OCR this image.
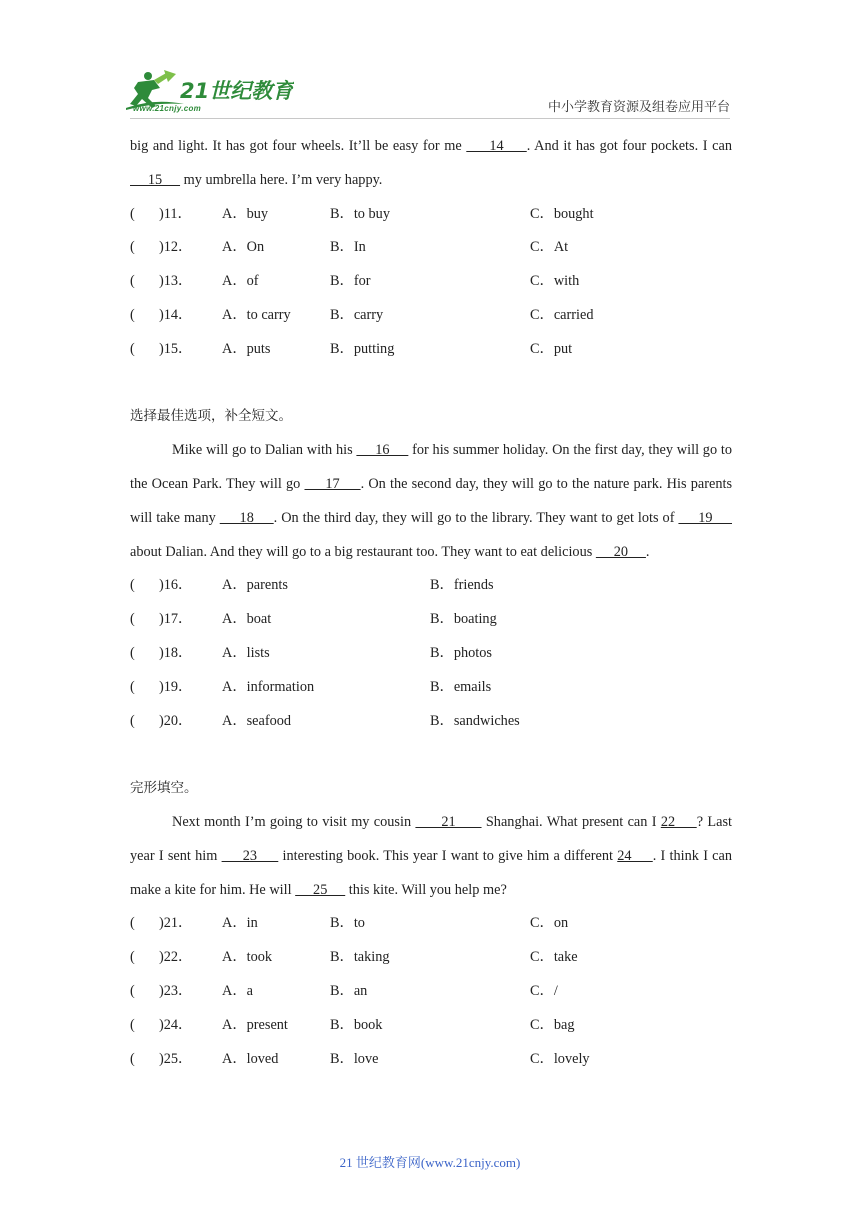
21世纪教育
www.21cnjy.com	中小学教育资源及组卷应用平台

big and light. It has got four wheels. It’ll be easy for me      14     . And it has got four pockets. I can      15      my umbrella here. I’m very happy.

( )11． A．buy	B．to buy	C．bought
( )12． A．On	B．In	C．At
( )13． A．of	B．for	C．with
( )14． A．to carry	B．carry	C．carried
( )15． A．puts	B．putting	C．put

选择最佳选项，补全短文。

Mike will go to Dalian with his      16      for his summer holiday. On the first day, they will go to the Ocean Park. They will go      17     . On the second day, they will go to the nature park. His parents will take many      18     . On the third day, they will go to the library. They want to get lots of      19      about Dalian. And they will go to a big restaurant too. They want to eat delicious      20     .

( )16． A．parents	B．friends
( )17． A．boat	B．boating
( )18． A．lists	B．photos
( )19． A．information	B．emails
( )20． A．seafood	B．sandwiches

完形填空。

Next month I’m going to visit my cousin       21       Shanghai. What present can I 22     ? Last year I sent him      23      interesting book. This year I want to give him a different 24     . I think I can make a kite for him. He will      25      this kite. Will you help me?

( )21． A．in	B．to	C．on
( )22． A．took	B．taking	C．take
( )23． A．a	B．an	C．/
( )24． A．present	B．book	C．bag
( )25． A．loved	B．love	C．lovely
21 世纪教育网(www.21cnjy.com)
